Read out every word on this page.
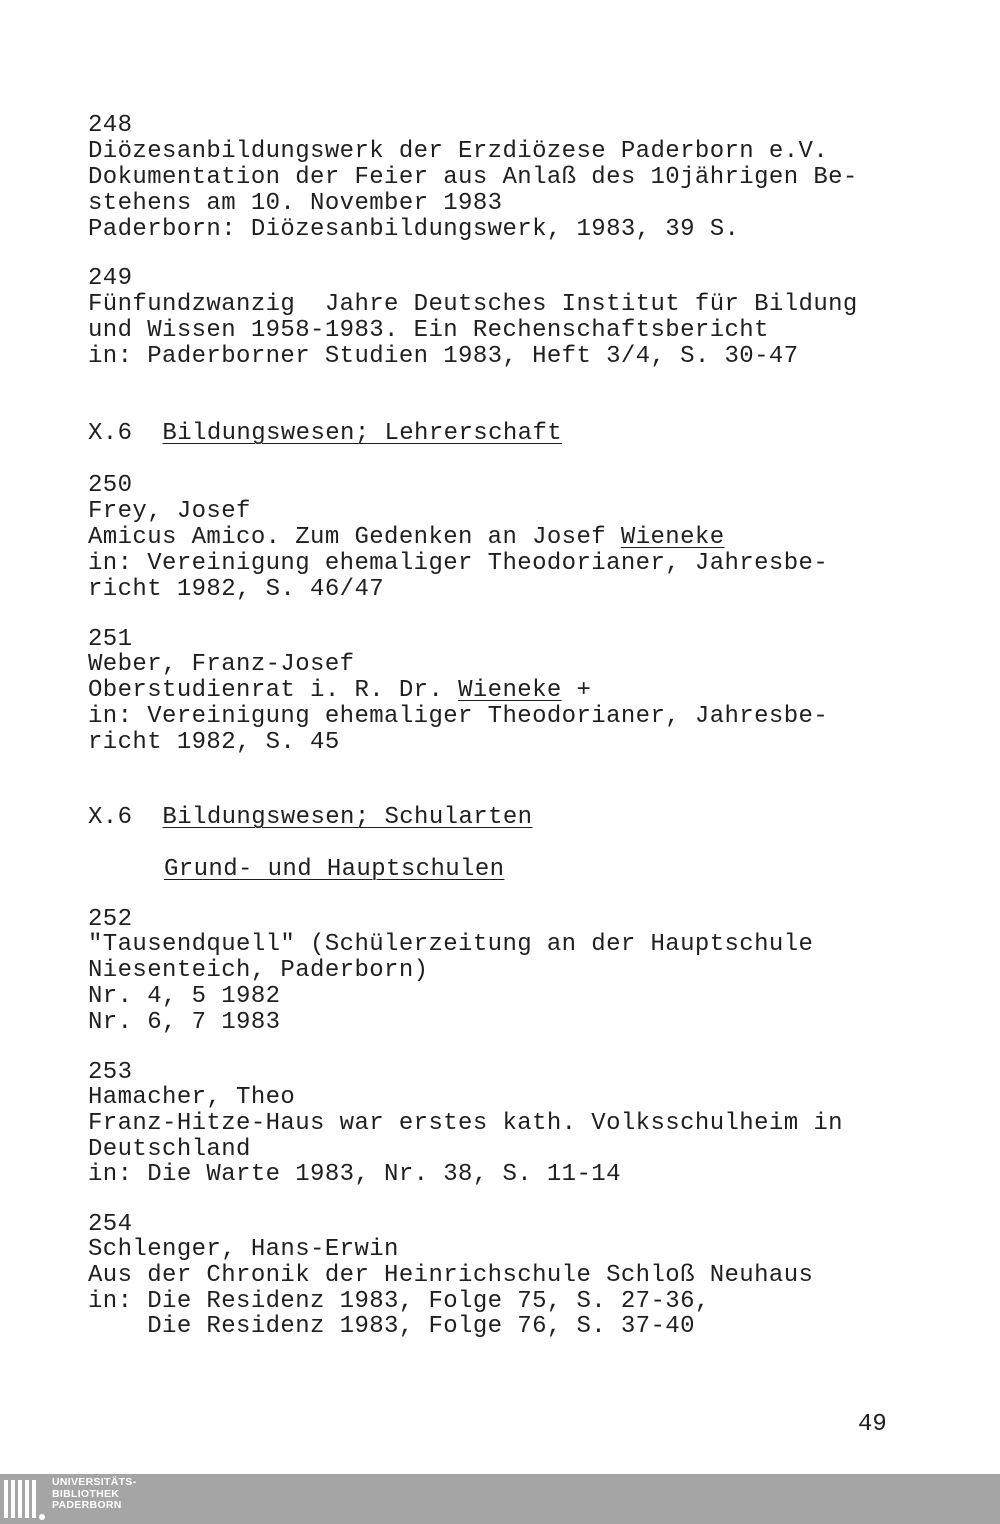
248
Diözesanbildungswerk der Erzdiözese Paderborn e.V.
Dokumentation der Feier aus Anlaß des 10jährigen Be-
stehens am 10. November 1983
Paderborn: Diözesanbildungswerk, 1983, 39 S.
249
Fünfundzwanzig  Jahre Deutsches Institut für Bildung
und Wissen 1958-1983. Ein Rechenschaftsbericht
in: Paderborner Studien 1983, Heft 3/4, S. 30-47
X.6 Bildungswesen; Lehrerschaft
250
Frey, Josef
Amicus Amico. Zum Gedenken an Josef Wieneke
in: Vereinigung ehemaliger Theodorianer, Jahresbe-
richt 1982, S. 46/47
251
Weber, Franz-Josef
Oberstudienrat i. R. Dr. Wieneke +
in: Vereinigung ehemaliger Theodorianer, Jahresbe-
richt 1982, S. 45
X.6 Bildungswesen; Schularten
Grund- und Hauptschulen
252
"Tausendquell" (Schülerzeitung an der Hauptschule
Niesenteich, Paderborn)
Nr. 4, 5 1982
Nr. 6, 7 1983
253
Hamacher, Theo
Franz-Hitze-Haus war erstes kath. Volksschulheim in
Deutschland
in: Die Warte 1983, Nr. 38, S. 11-14
254
Schlenger, Hans-Erwin
Aus der Chronik der Heinrichschule Schloß Neuhaus
in: Die Residenz 1983, Folge 75, S. 27-36,
Die Residenz 1983, Folge 76, S. 37-40
49
UNIVERSITÄTS-
BIBLIOTHEK
PADERBORN
